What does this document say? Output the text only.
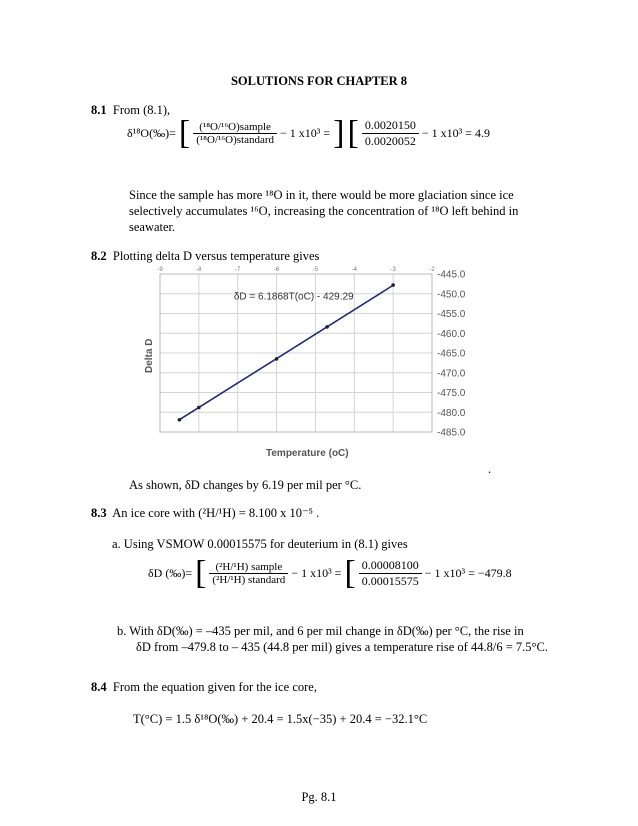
SOLUTIONS FOR CHAPTER 8
8.1 From (8.1),
δ¹⁸O(‰)= [ $\frac{\text{(¹⁸O/¹⁶O)sample}}{\text{(¹⁸O/¹⁶O)standard}} - 1$ x10³ = ] [ $\frac{0.0020150}{0.0020052} - 1$ x10³ = 4.9
Since the sample has more ¹⁸O in it, there would be more glaciation since ice
selectively accumulates ¹⁶O, increasing the concentration of ¹⁸O left behind in
seawater.
8.2 Plotting delta D versus temperature gives
-9	-8	-7	-6	-5	-4	-3	-2 -445.0
-450.0
-455.0
-460.0
-465.0
-470.0
-475.0
-480.0
-485.0
δD = 6.1868T(oC) - 429.29
Delta D
Temperature (oC)
As shown, δD changes by 6.19 per mil per °C.
.
8.3 An ice core with (²H/¹H) = 8.100 x 10⁻⁵ .
a. Using VSMOW 0.00015575 for deuterium in (8.1) gives
δD (‰)= [ $\frac{\text{(²H/¹H) sample}}{\text{(²H/¹H) standard}} - 1$ x10³ = [ $\frac{0.00008100}{0.00015575} - 1$ x10³ = −479.8
b. With δD(‰) = –435 per mil, and 6 per mil change in δD(‰) per °C, the rise in
δD from –479.8 to – 435 (44.8 per mil) gives a temperature rise of 44.8/6 = 7.5°C.
8.4 From the equation given for the ice core,
T(°C) = 1.5 δ¹⁸O(‰) + 20.4 = 1.5x(−35) + 20.4 = −32.1°C
Pg. 8.1
